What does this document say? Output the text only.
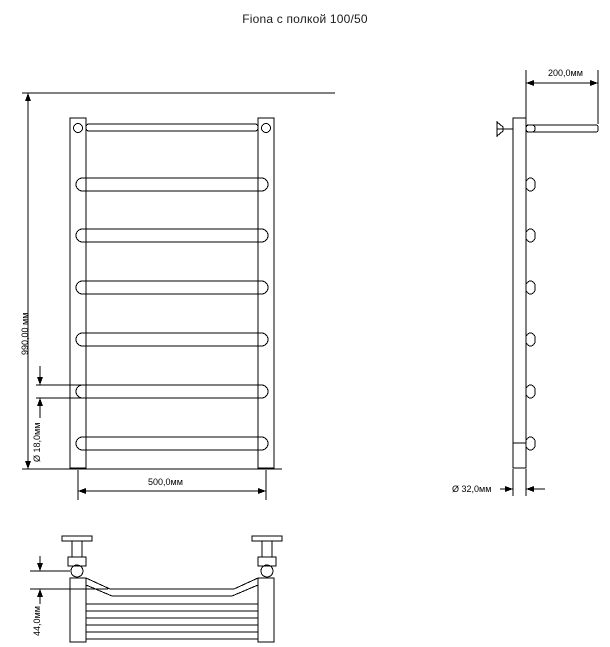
Fiona с полкой 100/50
990,00 мм
Ø 18,0мм
500,0мм
200,0мм
Ø 32,0мм
44,0мм
